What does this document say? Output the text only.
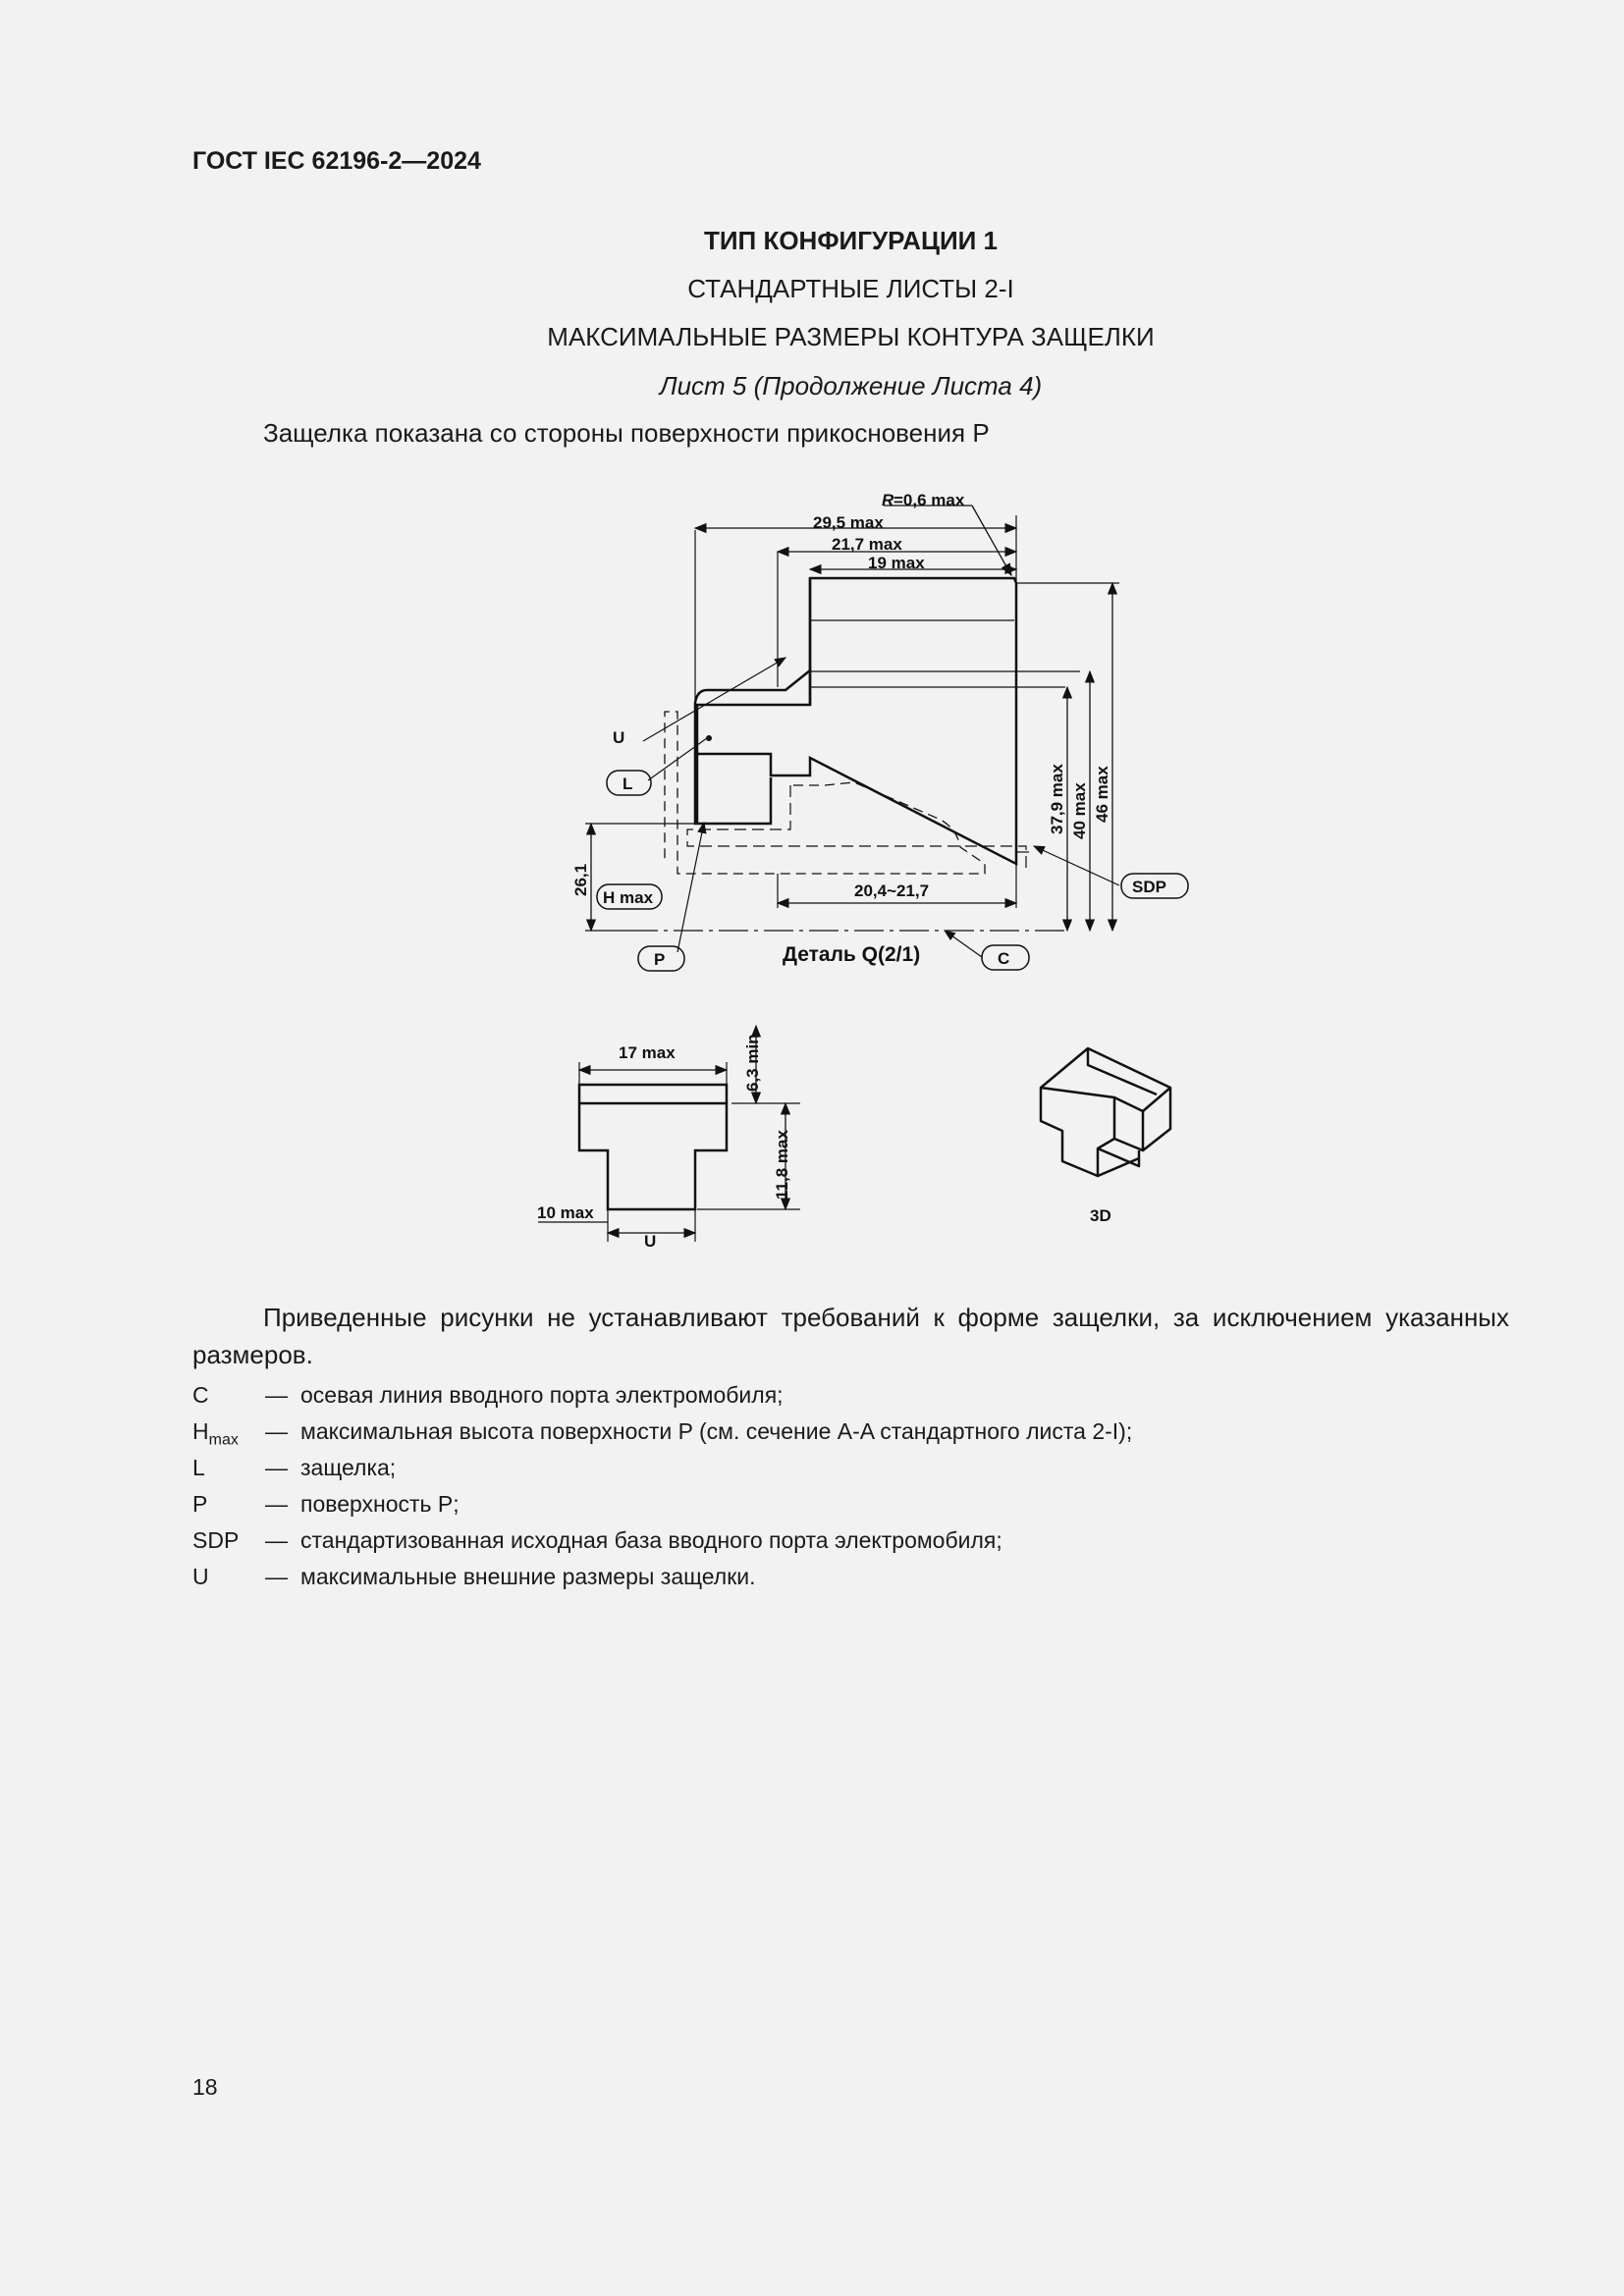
ГОСТ IEC 62196-2—2024
ТИП КОНФИГУРАЦИИ 1
СТАНДАРТНЫЕ ЛИСТЫ 2-I
МАКСИМАЛЬНЫЕ РАЗМЕРЫ КОНТУРА ЗАЩЕЛКИ
Лист 5 (Продолжение Листа 4)
Защелка показана со стороны поверхности прикосновения P
R =0,6 max
29,5 max
21,7 max
19 max
37,9 max 40 max 46 max
26,1	20,4~21,7
U
L
P	C
SDP
H max
Деталь Q(2/1)
17 max	6,3 min
11,8 max
10 max
U
3D
Приведенные рисунки не устанавливают требований к форме защелки, за исключением указанных размеров.
C — осевая линия вводного порта электромобиля;
$H_{max}$ — максимальная высота поверхности P (см. сечение A-A стандартного листа 2-I);
L	— защелка;
P	— поверхность P;
SDP — стандартизованная исходная база вводного порта электромобиля;
U — максимальные внешние размеры защелки.
18
